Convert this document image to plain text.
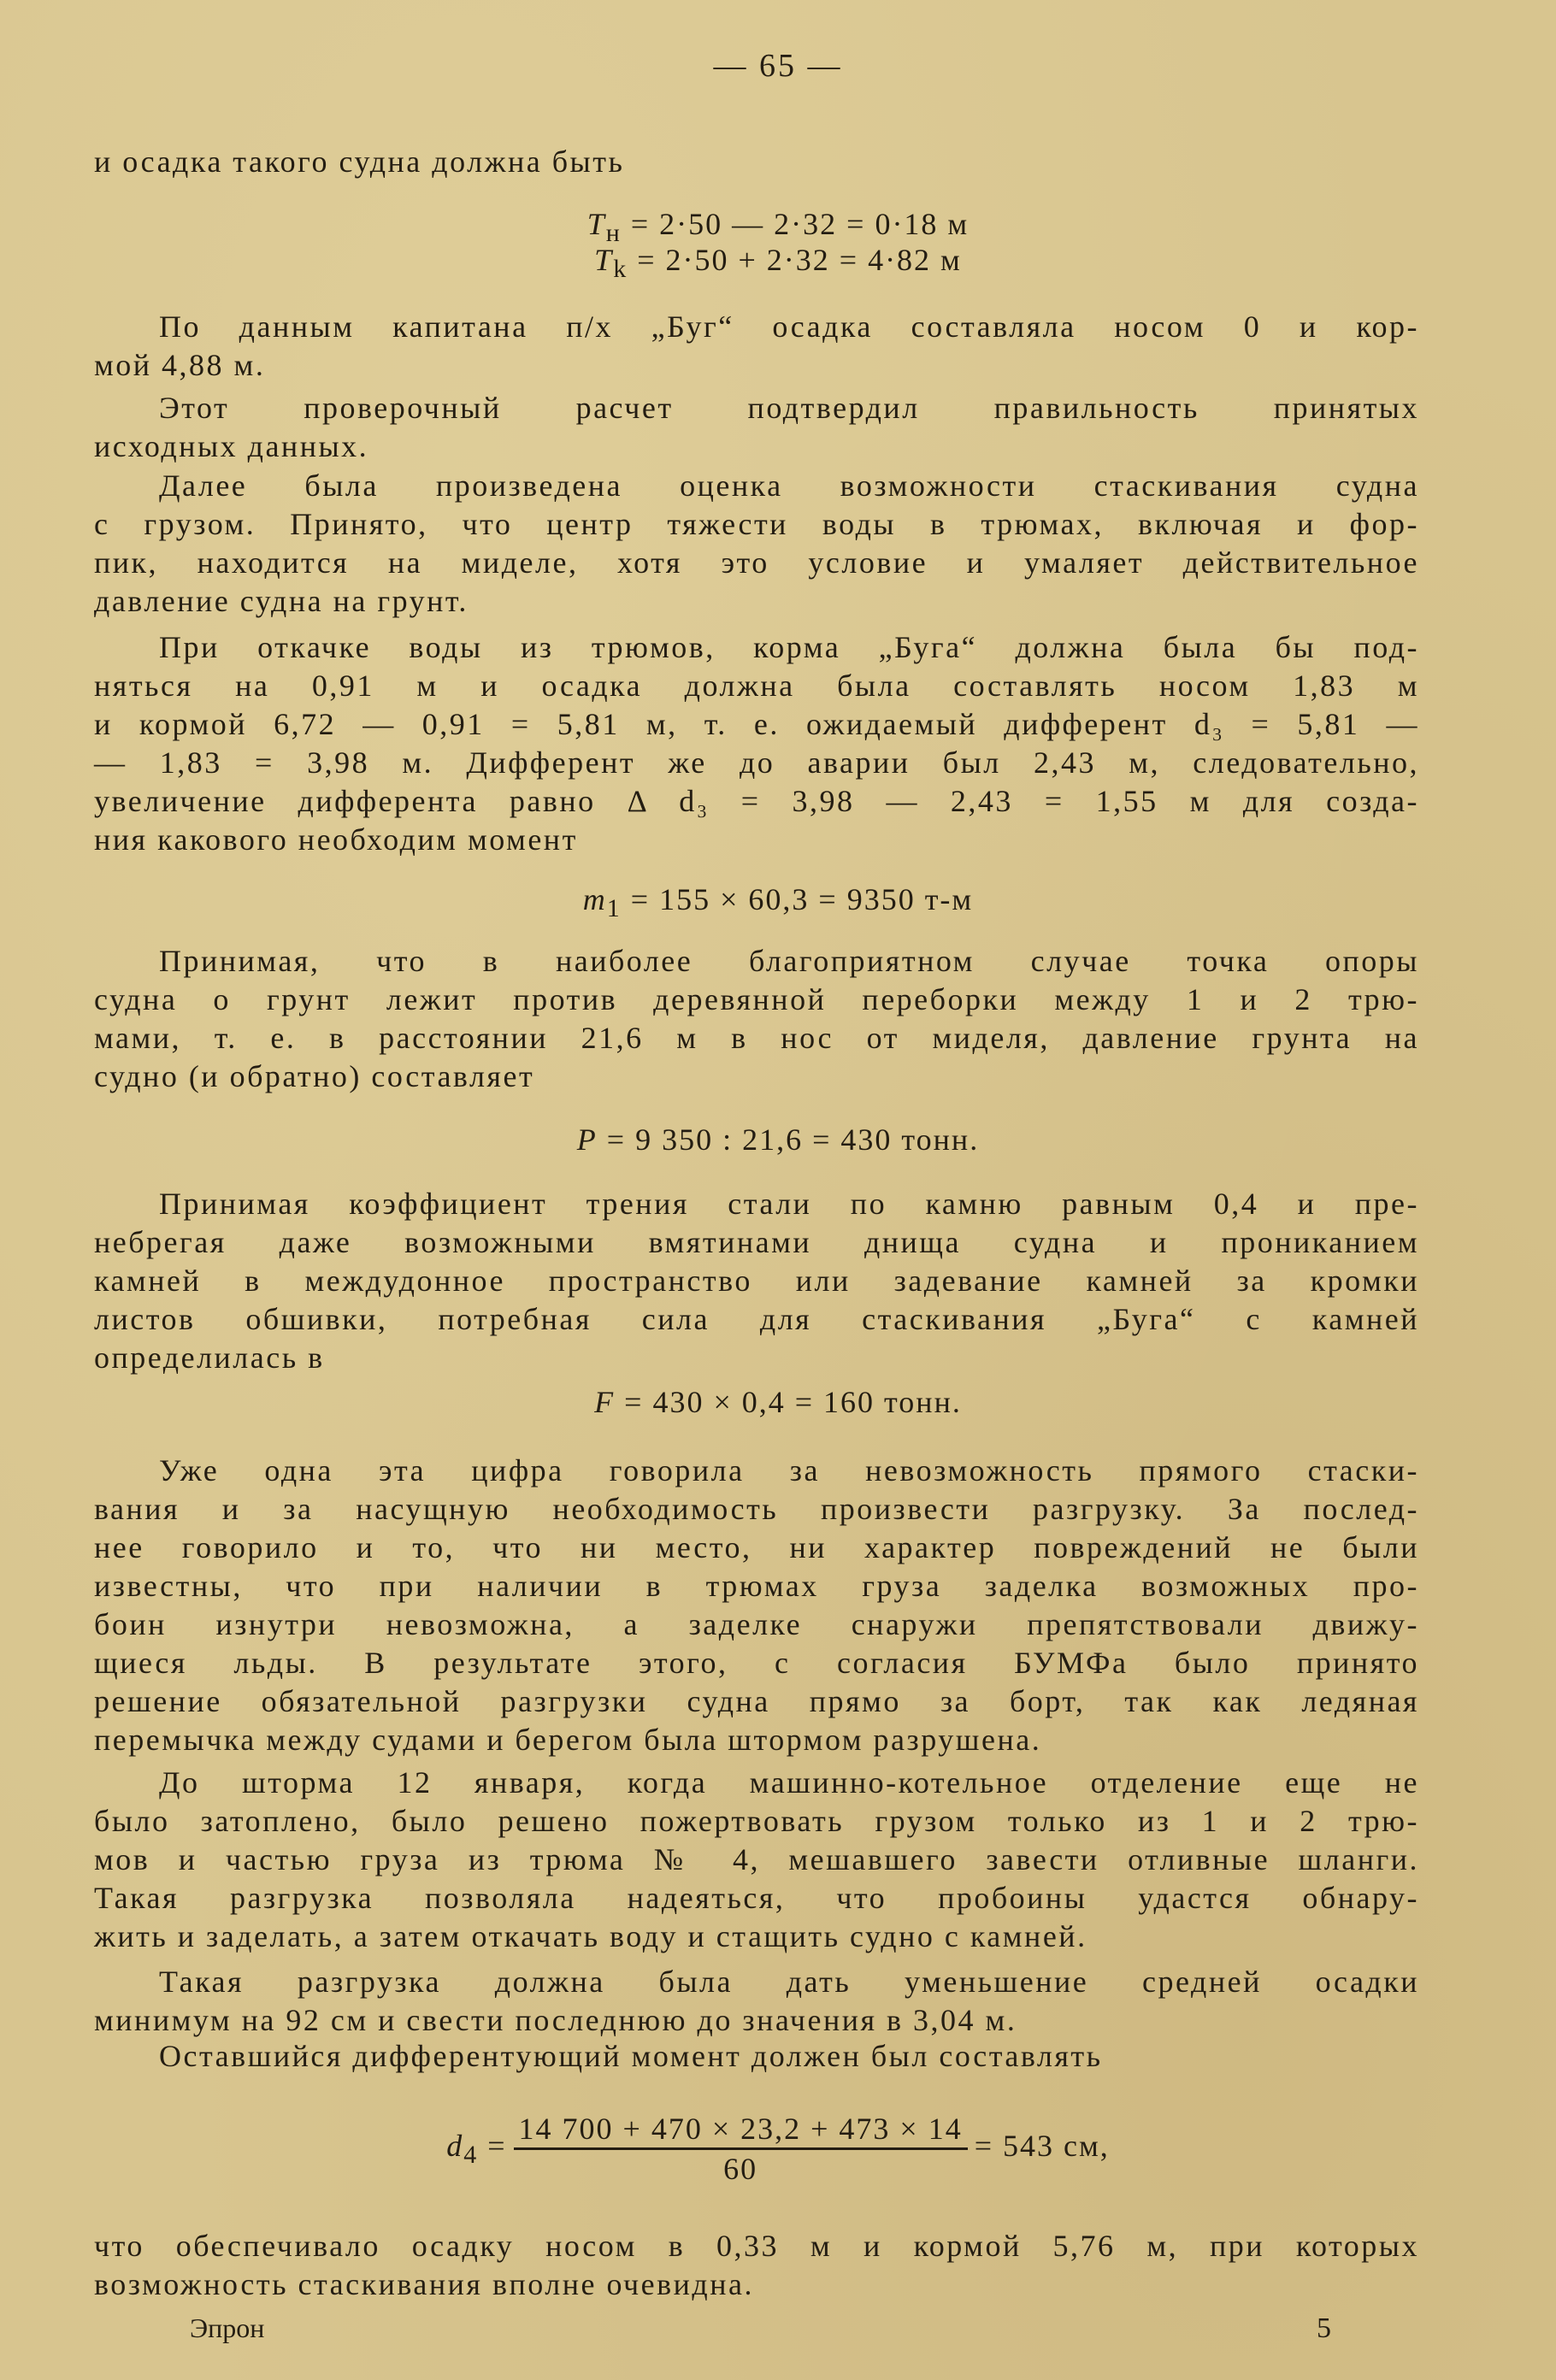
— 65 —
и осадка такого судна должна быть
По данным капитана п/х „Буг“ осадка составляла носом 0 и кор-
мой 4,88 м.
Этот проверочный расчет подтвердил правильность принятых
исходных данных.
Далее была произведена оценка возможности стаскивания судна
с грузом. Принято, что центр тяжести воды в трюмах, включая и фор-
пик, находится на миделе, хотя это условие и умаляет действительное
давление судна на грунт.
При откачке воды из трюмов, корма „Буга“ должна была бы под-
няться на 0,91 м и осадка должна была составлять носом 1,83 м
и кормой 6,72 — 0,91 = 5,81 м, т. е. ожидаемый дифферент d₃ = 5,81 —
— 1,83 = 3,98 м. Дифферент же до аварии был 2,43 м, следовательно,
увеличение дифферента равно Δ d₃ = 3,98 — 2,43 = 1,55 м для созда-
ния какового необходим момент
Принимая, что в наиболее благоприятном случае точка опоры
судна о грунт лежит против деревянной переборки между 1 и 2 трю-
мами, т. е. в расстоянии 21,6 м в нос от миделя, давление грунта на
судно (и обратно) составляет
Принимая коэффициент трения стали по камню равным 0,4 и пре-
небрегая даже возможными вмятинами днища судна и прониканием
камней в междудонное пространство или задевание камней за кромки
листов обшивки, потребная сила для стаскивания „Буга“ с камней
определилась в
Уже одна эта цифра говорила за невозможность прямого стаски-
вания и за насущную необходимость произвести разгрузку. За послед-
нее говорило и то, что ни место, ни характер повреждений не были
известны, что при наличии в трюмах груза заделка возможных про-
боин изнутри невозможна, а заделке снаружи препятствовали движу-
щиеся льды. В результате этого, с согласия БУМФа было принято
решение обязательной разгрузки судна прямо за борт, так как ледяная
перемычка между судами и берегом была штормом разрушена.
До шторма 12 января, когда машинно-котельное отделение еще не
было затоплено, было решено пожертвовать грузом только из 1 и 2 трю-
мов и частью груза из трюма № 4, мешавшего завести отливные шланги.
Такая разгрузка позволяла надеяться, что пробоины удастся обнару-
жить и заделать, а затем откачать воду и стащить судно с камней.
Такая разгрузка должна была дать уменьшение средней осадки
минимум на 92 см и свести последнюю до значения в 3,04 м.
Оставшийся дифферентующий момент должен был составлять
что обеспечивало осадку носом в 0,33 м и кормой 5,76 м, при которых
возможность стаскивания вполне очевидна.
$T_н = 2\cdot 50$ — 2·32 = 0·18 м
$T_k = 2\cdot 50 + 2\cdot 32 = 4\cdot 82$ м
$m_1 = 155 \times 60,3 = 9350$ т-м
P = 9 350 : 21,6 = 430 тонн.
F = 430 × 0,4 = 160 тонн.
$d_4 = \frac{14 700 + 470 \times 23,2 + 473 \times 14}{60} = 543$ см,
Эпрон	5
